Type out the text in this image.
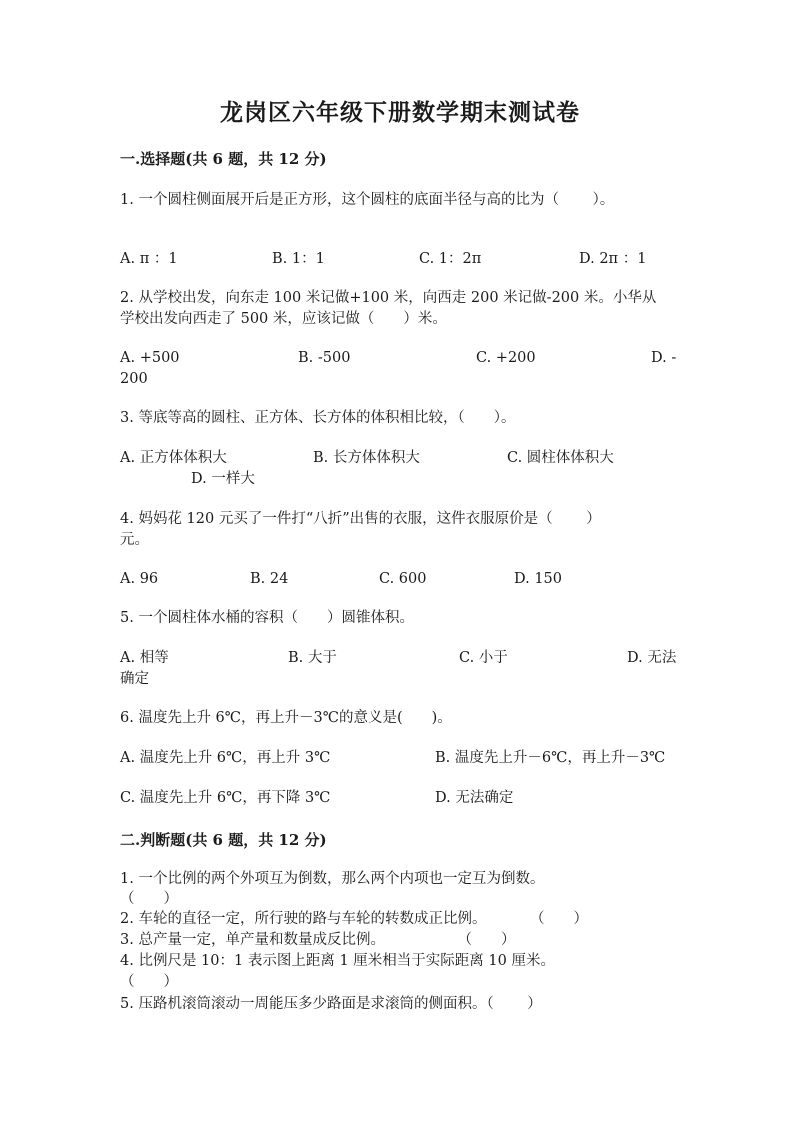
龙岗区六年级下册数学期末测试卷
一.选择题(共 6 题，共 12 分)
1. 一个圆柱侧面展开后是正方形，这个圆柱的底面半径与高的比为（　　 ）。
A. π ：1	B. 1：1	C. 1：2π	D. 2π ：1
2. 从学校出发，向东走 100 米记做+100 米，向西走 200 米记做-200 米。小华从
学校出发向西走了 500 米，应该记做（　　）米。
A. +500	B. -500	C. +200	D. -
200
3. 等底等高的圆柱、正方体、长方体的体积相比较，（　　）。
A. 正方体体积大	B. 长方体体积大	C. 圆柱体体积大
D. 一样大
4. 妈妈花 120 元买了一件打“八折”出售的衣服，这件衣服原价是（　　 ）
元。
A. 96	B. 24	C. 600	D. 150
5. 一个圆柱体水桶的容积（　　）圆锥体积。
A. 相等	B. 大于	C. 小于	D. 无法
确定
6. 温度先上升 6℃，再上升－3℃的意义是(　　)。
A. 温度先上升 6℃，再上升 3℃	B. 温度先上升－6℃，再上升－3℃
C. 温度先上升 6℃，再下降 3℃	D. 无法确定
二.判断题(共 6 题，共 12 分)
1. 一个比例的两个外项互为倒数，那么两个内项也一定互为倒数。
（　　）
2. 车轮的直径一定，所行驶的路与车轮的转数成正比例。　　　　（　　）
3. 总产量一定，单产量和数量成反比例。　　　　　　（　　）
4. 比例尺是 10：1 表示图上距离 1 厘米相当于实际距离 10 厘米。
（　　）
5. 压路机滚筒滚动一周能压多少路面是求滚筒的侧面积。（　　 ）
